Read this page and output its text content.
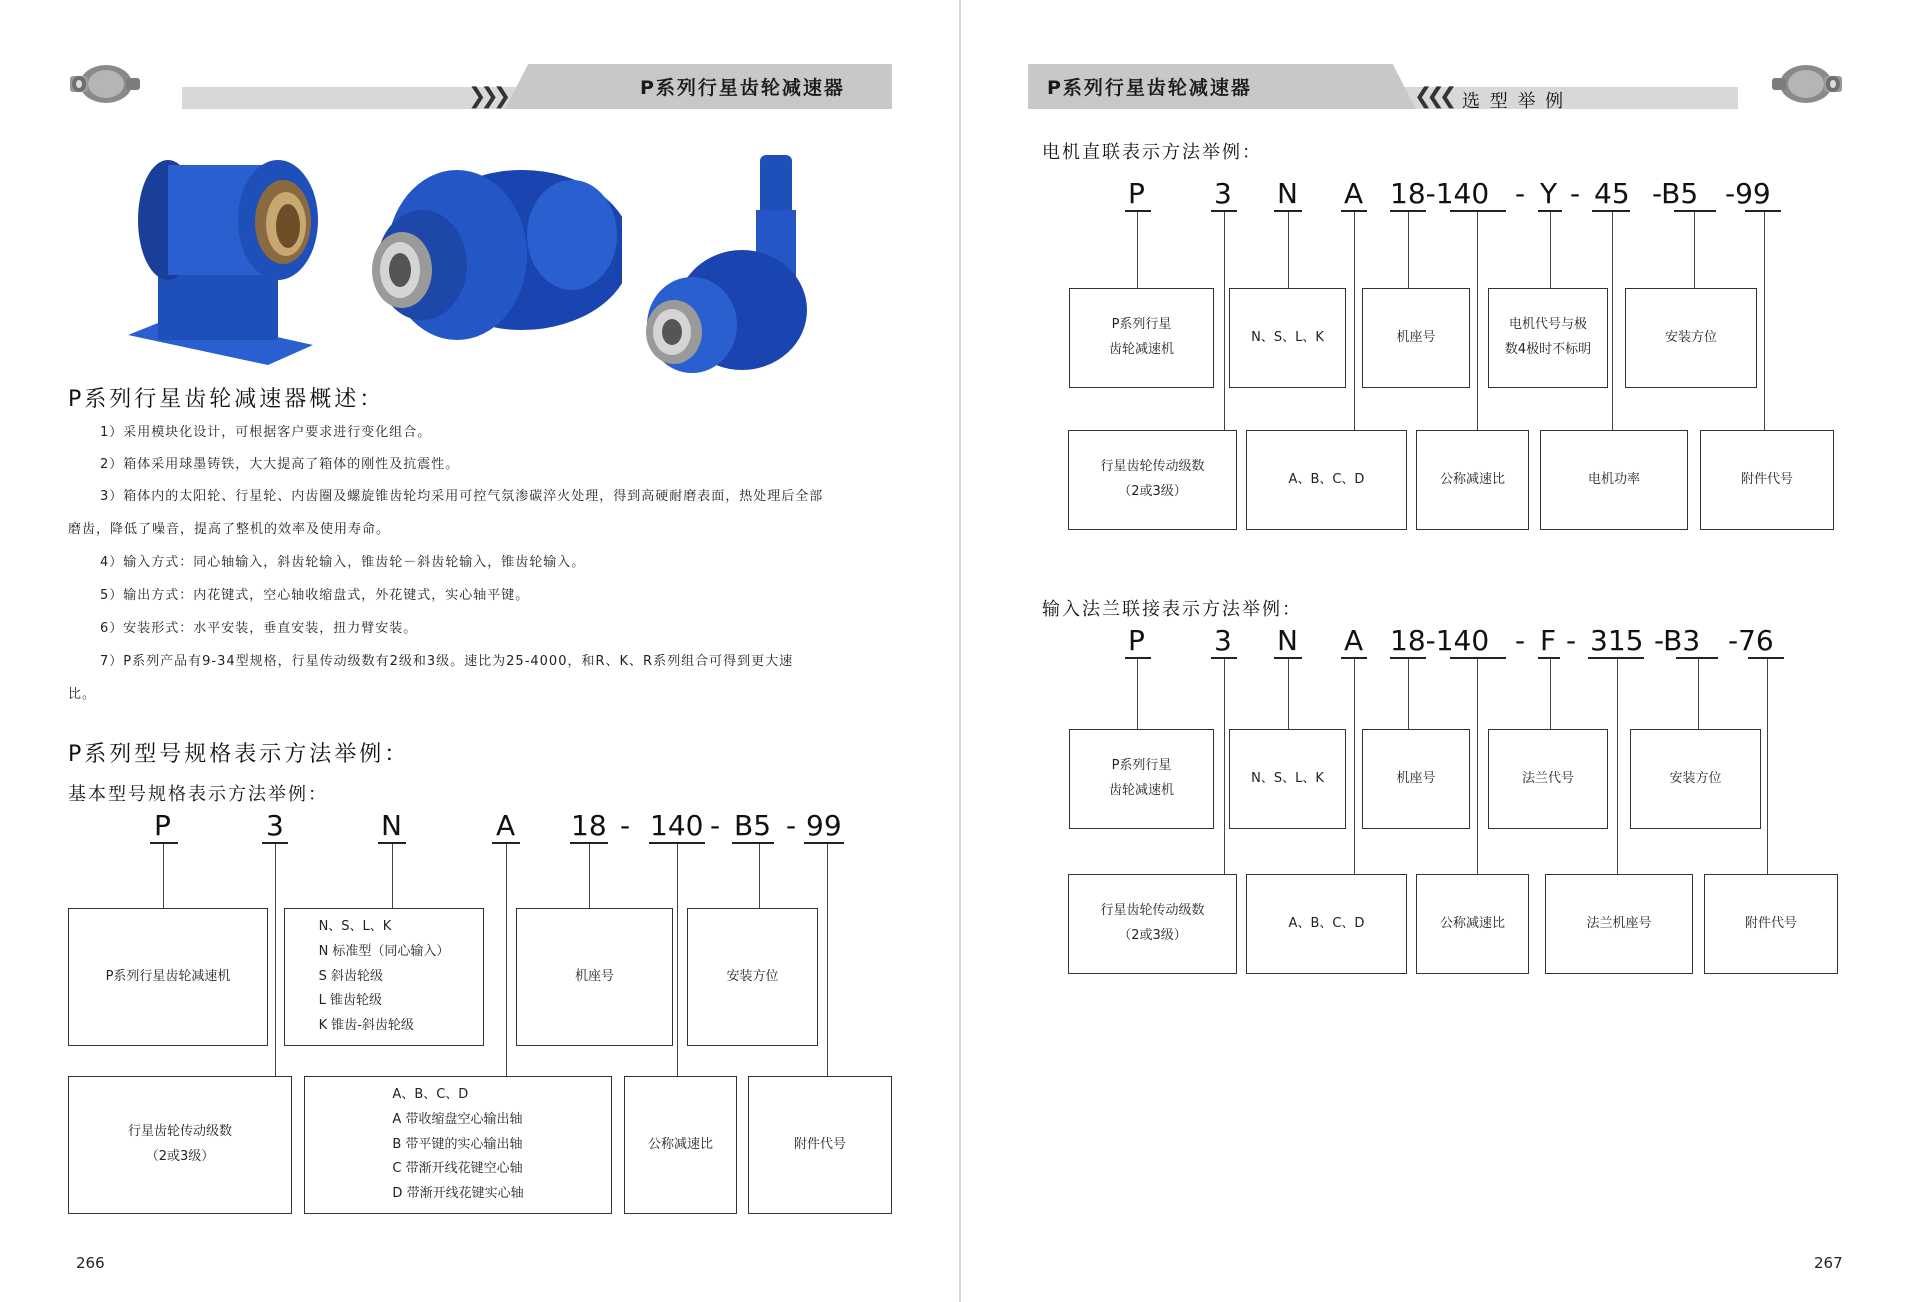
❯❯❯	P系列行星齿轮减速器
P系列行星齿轮减速器概述：
1）采用模块化设计，可根据客户要求进行变化组合。
2）箱体采用球墨铸铁，大大提高了箱体的刚性及抗震性。
3）箱体内的太阳轮、行星轮、内齿圈及螺旋锥齿轮均采用可控气氛渗碳淬火处理，得到高硬耐磨表面，热处理后全部
磨齿，降低了噪音，提高了整机的效率及使用寿命。
4）输入方式：同心轴输入，斜齿轮输入，锥齿轮－斜齿轮输入，锥齿轮输入。
5）输出方式：内花键式，空心轴收缩盘式，外花键式，实心轴平键。
6）安装形式：水平安装，垂直安装，扭力臂安装。
7）P系列产品有9-34型规格，行星传动级数有2级和3级。速比为25-4000，和R、K、R系列组合可得到更大速
比。
P系列型号规格表示方法举例：
基本型号规格表示方法举例：
P	3	N	A 18 - 140 - B5 - 99
P系列行星齿轮减速机
N、S、L、K
N 标准型（同心输入）
S 斜齿轮级
L 锥齿轮级
K 锥齿-斜齿轮级
机座号	安装方位
行星齿轮传动级数
（2或3级）
A、B、C、D
A 带收缩盘空心输出轴
B 带平键的实心输出轴
C 带渐开线花键空心轴
D 带渐开线花键实心轴
公称减速比	附件代号
266
P系列行星齿轮减速器	❮❮❮ 选 型 举 例
电机直联表示方法举例：
P 3 N A 18-140 - Y - 45 -B5 -99
P系列行星
齿轮减速机
N、S、L、K	机座号
电机代号与极
数4极时不标明
安装方位
行星齿轮传动级数
（2或3级）
A、B、C、D	公称减速比	电机功率	附件代号
输入法兰联接表示方法举例：
P 3 N A 18-140 - F - 315 -B3 -76
P系列行星
齿轮减速机
N、S、L、K	机座号	法兰代号	安装方位
行星齿轮传动级数
（2或3级）
A、B、C、D	公称减速比	法兰机座号	附件代号
267
